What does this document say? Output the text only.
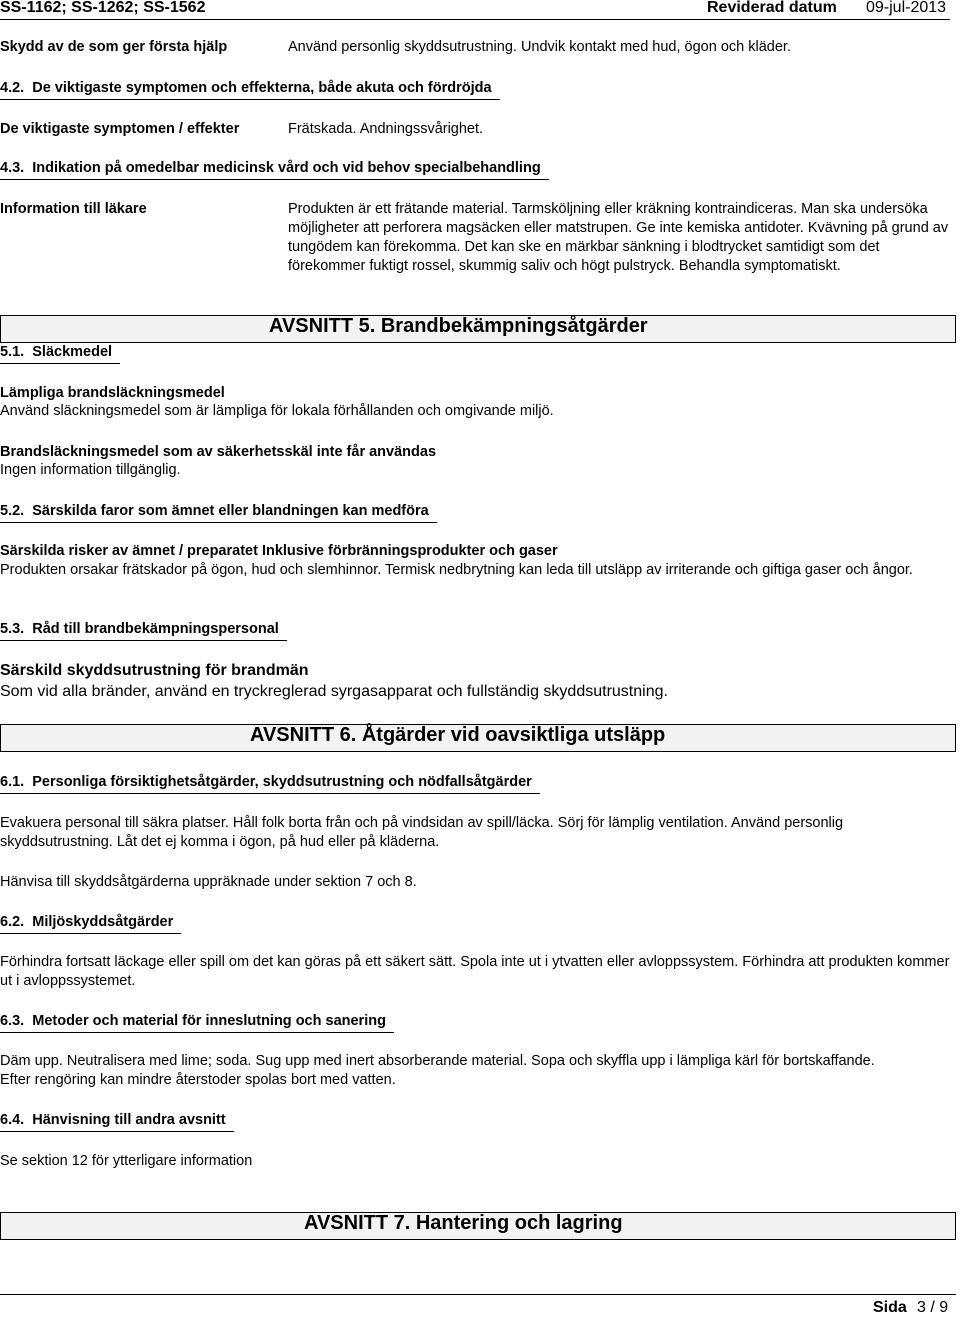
SS-1162; SS-1262; SS-1562	Reviderad datum 09-jul-2013
Skydd av de som ger första hjälp	Använd personlig skyddsutrustning. Undvik kontakt med hud, ögon och kläder.
4.2. De viktigaste symptomen och effekterna, både akuta och fördröjda
De viktigaste symptomen / effekter	Frätskada. Andningssvårighet.
4.3. Indikation på omedelbar medicinsk vård och vid behov specialbehandling
Information till läkare	Produkten är ett frätande material. Tarmsköljning eller kräkning kontraindiceras. Man ska undersöka möjligheter att perforera magsäcken eller matstrupen. Ge inte kemiska antidoter. Kvävning på grund av tungödem kan förekomma. Det kan ske en märkbar sänkning i blodtrycket samtidigt som det förekommer fuktigt rossel, skummig saliv och högt pulstryck. Behandla symptomatiskt.
AVSNITT 5. Brandbekämpningsåtgärder
5.1. Släckmedel
Lämpliga brandsläckningsmedel
Använd släckningsmedel som är lämpliga för lokala förhållanden och omgivande miljö.
Brandsläckningsmedel som av säkerhetsskäl inte får användas
Ingen information tillgänglig.
5.2. Särskilda faror som ämnet eller blandningen kan medföra
Särskilda risker av ämnet / preparatet Inklusive förbränningsprodukter och gaser
Produkten orsakar frätskador på ögon, hud och slemhinnor. Termisk nedbrytning kan leda till utsläpp av irriterande och giftiga gaser och ångor.
5.3. Råd till brandbekämpningspersonal
Särskild skyddsutrustning för brandmän
Som vid alla bränder, använd en tryckreglerad syrgasapparat och fullständig skyddsutrustning.
AVSNITT 6. Åtgärder vid oavsiktliga utsläpp
6.1. Personliga försiktighetsåtgärder, skyddsutrustning och nödfallsåtgärder
Evakuera personal till säkra platser. Håll folk borta från och på vindsidan av spill/läcka. Sörj för lämplig ventilation. Använd personlig skyddsutrustning. Låt det ej komma i ögon, på hud eller på kläderna.
Hänvisa till skyddsåtgärderna uppräknade under sektion 7 och 8.
6.2. Miljöskyddsåtgärder
Förhindra fortsatt läckage eller spill om det kan göras på ett säkert sätt. Spola inte ut i ytvatten eller avloppssystem. Förhindra att produkten kommer ut i avloppssystemet.
6.3. Metoder och material för inneslutning och sanering
Däm upp. Neutralisera med lime; soda. Sug upp med inert absorberande material. Sopa och skyffla upp i lämpliga kärl för bortskaffande. Efter rengöring kan mindre återstoder spolas bort med vatten.
6.4. Hänvisning till andra avsnitt
Se sektion 12 för ytterligare information
AVSNITT 7. Hantering och lagring
Sida 3 / 9
